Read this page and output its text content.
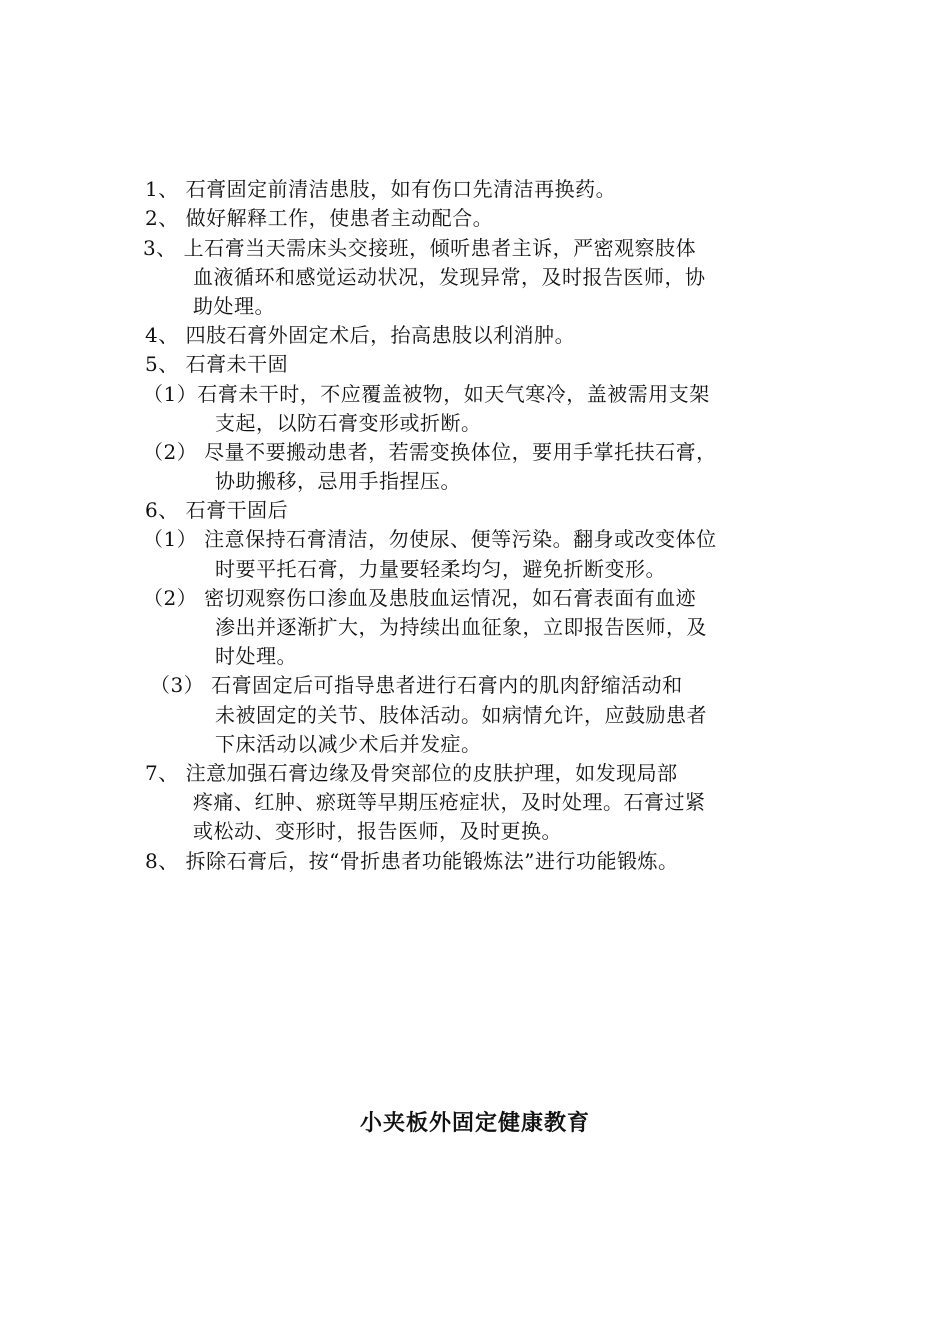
1、 石膏固定前清洁患肢，如有伤口先清洁再换药。
2、 做好解释工作，使患者主动配合。
3、 上石膏当天需床头交接班，倾听患者主诉，严密观察肢体
血液循环和感觉运动状况，发现异常，及时报告医师，协
助处理。
4、 四肢石膏外固定术后，抬高患肢以利消肿。
5、 石膏未干固
（1）石膏未干时，不应覆盖被物，如天气寒冷，盖被需用支架
支起，以防石膏变形或折断。
（2） 尽量不要搬动患者，若需变换体位，要用手掌托扶石膏，
协助搬移，忌用手指捏压。
6、 石膏干固后
（1） 注意保持石膏清洁，勿使尿、便等污染。翻身或改变体位
时要平托石膏，力量要轻柔均匀，避免折断变形。
（2） 密切观察伤口渗血及患肢血运情况，如石膏表面有血迹
渗出并逐渐扩大，为持续出血征象，立即报告医师，及
时处理。
（3） 石膏固定后可指导患者进行石膏内的肌肉舒缩活动和
未被固定的关节、肢体活动。如病情允许，应鼓励患者
下床活动以减少术后并发症。
7、 注意加强石膏边缘及骨突部位的皮肤护理，如发现局部
疼痛、红肿、瘀斑等早期压疮症状，及时处理。石膏过紧
或松动、变形时，报告医师，及时更换。
8、 拆除石膏后，按“骨折患者功能锻炼法”进行功能锻炼。
小夹板外固定健康教育
